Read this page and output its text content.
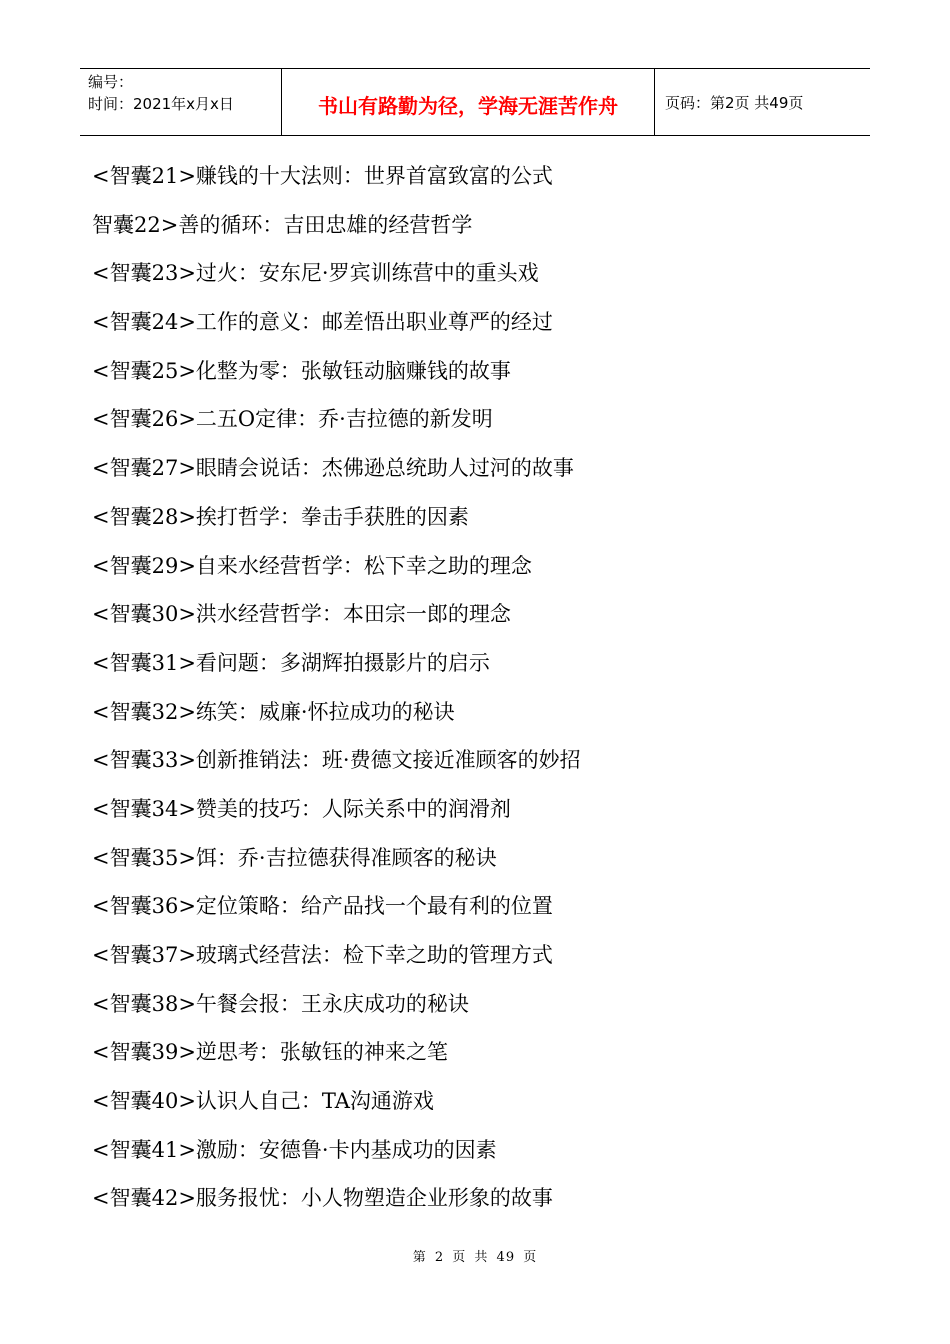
编号：
时间：2021年x月x日	书山有路勤为径，学海无涯苦作舟	页码：第2页 共49页
<智囊21>赚钱的十大法则：世界首富致富的公式
智囊22>善的循环：吉田忠雄的经营哲学
<智囊23>过火：安东尼·罗宾训练营中的重头戏
<智囊24>工作的意义：邮差悟出职业尊严的经过
<智囊25>化整为零：张敏钰动脑赚钱的故事
<智囊26>二五O定律：乔·吉拉德的新发明
<智囊27>眼睛会说话：杰佛逊总统助人过河的故事
<智囊28>挨打哲学：拳击手获胜的因素
<智囊29>自来水经营哲学：松下幸之助的理念
<智囊30>洪水经营哲学：本田宗一郎的理念
<智囊31>看问题：多湖辉拍摄影片的启示
<智囊32>练笑：威廉·怀拉成功的秘诀
<智囊33>创新推销法：班·费德文接近准顾客的妙招
<智囊34>赞美的技巧：人际关系中的润滑剂
<智囊35>饵：乔·吉拉德获得准顾客的秘诀
<智囊36>定位策略：给产品找一个最有利的位置
<智囊37>玻璃式经营法：检下幸之助的管理方式
<智囊38>午餐会报：王永庆成功的秘诀
<智囊39>逆思考：张敏钰的神来之笔
<智囊40>认识人自己：TA沟通游戏
<智囊41>激励：安德鲁·卡内基成功的因素
<智囊42>服务报忧：小人物塑造企业形象的故事
第 2 页 共 49 页
